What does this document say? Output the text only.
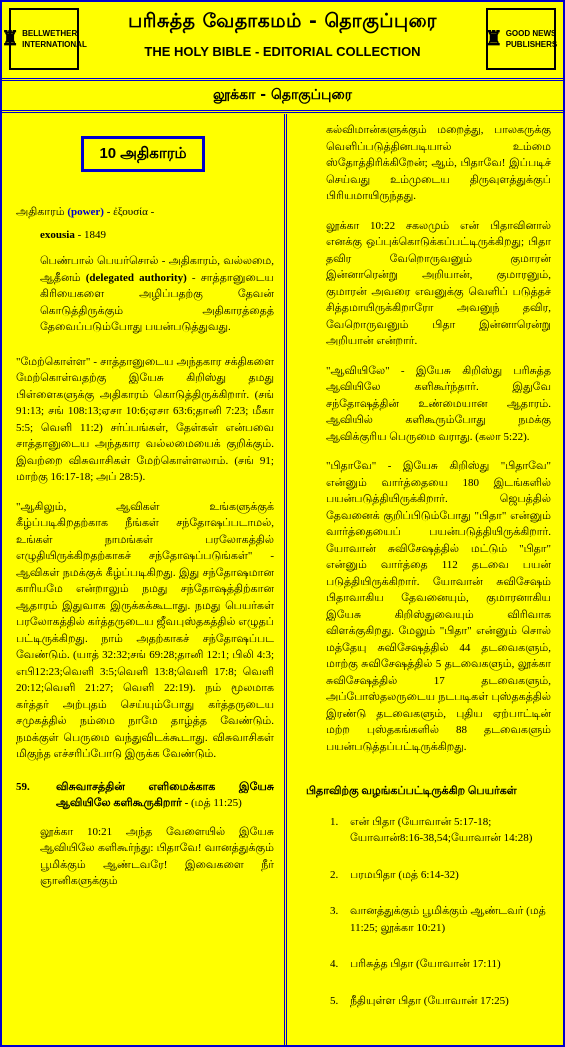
♜ BELLWETHER
INTERNATIONAL
பரிசுத்த வேதாகமம் - தொகுப்புரை
THE HOLY BIBLE - EDITORIAL COLLECTION
♜ GOOD NEWS
PUBLISHERS
லூக்கா - தொகுப்புரை
10 அதிகாரம்

அதிகாரம் (power) - ἐξουσία -

exousia - 1849

பெண்பால் பெயர்சொல் - அதிகாரம், வல்லமை, ஆதீனம் (delegated authority) - சாத்தானுடைய கிரியைகளை அழிப்பதற்கு தேவன் கொடுத்திருக்கும் அதிகாரத்தைத் தேவைப்படும்போது பயன்படுத்துவது.

"மேற்கொள்ள" - சாத்தானுடைய அந்தகார சக்திகளை மேற்கொள்வதற்கு இயேசு கிறிஸ்து தமது பிள்ளைகளுக்கு அதிகாரம் கொடுத்திருக்கிறார். (சங் 91:13; சங் 108:13;ஏசா 10:6;ஏசா 63:6;தானி 7:23; மீகா 5:5; வெளி 11:2) சர்ப்பங்கள், தேள்கள் என்பவை சாத்தானுடைய அந்தகார வல்லமையைக் குறிக்கும். இவற்றை விசுவாசிகள் மேற்கொள்ளலாம். (சங் 91; மாற்கு 16:17-18; அப் 28:5).

"ஆகிலும், ஆவிகள் உங்களுக்குக் கீழ்ப்படிகிறதற்காக நீங்கள் சந்தோஷப்படாமல், உங்கள் நாமங்கள் பரலோகத்தில் எழுதியிருக்கிறதற்காகச் சந்தோஷப்படுங்கள்" - ஆவிகள் நமக்குக் கீழ்ப்படிகிறது. இது சந்தோஷமான காரியமே என்றாலும் நமது சந்தோஷத்திற்கான ஆதாரம் இதுவாக இருக்கக்கூடாது. நமது பெயர்கள் பரலோகத்தில் கர்த்தருடைய ஜீவபுஸ்தகத்தில் எழுதப் பட்டிருக்கிறது. நாம் அதற்காகச் சந்தோஷப்பட வேண்டும். (யாத் 32:32;சங் 69:28;தானி 12:1; பிலி 4:3; எபி12:23;வெளி 3:5;வெளி 13:8;வெளி 17:8; வெளி 20:12;வெளி 21:27; வெளி 22:19). நம் மூலமாக கர்த்தர் அற்புதம் செய்யும்போது கர்த்தருடைய சமுகத்தில் நம்மை நாமே தாழ்த்த வேண்டும். நமக்குள் பெருமை வந்துவிடக்கூடாது. விசுவாசிகள் மிகுந்த எச்சரிப்போடு இருக்க வேண்டும்.

59.	விசுவாசத்தின் எளிமைக்காக இயேசு ஆவியிலே களிகூருகிறார் - (மத் 11:25)

லூக்கா 10:21 அந்த வேளையில் இயேசு ஆவியிலே களிகூர்ந்து: பிதாவே! வானத்துக்கும் பூமிக்கும் ஆண்டவரே! இவைகளை நீர் ஞானிகளுக்கும்

கல்விமான்களுக்கும் மறைத்து, பாலகருக்கு வெளிப்படுத்தினபடியால் உம்மை ஸ்தோத்திரிக்கிறேன்; ஆம், பிதாவே! இப்படிச் செய்வது உம்முடைய திருவுளத்துக்குப் பிரியமாயிருந்தது.

லூக்கா 10:22 சகலமும் என் பிதாவினால் எனக்கு ஒப்புக்கொடுக்கப்பட்டிருக்கிறது; பிதா தவிர வேறொருவனும் குமாரன் இன்னாரென்று அறியான், குமாரனும், குமாரன் அவரை எவனுக்கு வெளிப் படுத்தச் சித்தமாயிருக்கிறாரோ அவனுந் தவிர, வேறொருவனும் பிதா இன்னாரென்று அறியான் என்றார்.

"ஆவியிலே" - இயேசு கிறிஸ்து பரிசுத்த ஆவியிலே களிகூர்ந்தார். இதுவே சந்தோஷத்தின் உண்மையான ஆதாரம். ஆவியில் களிகூரும்போது நமக்கு ஆவிக்குரிய பெருமை வராது. (கலா 5:22).

"பிதாவே" - இயேசு கிறிஸ்து "பிதாவே" என்னும் வார்த்தையை 180 இடங்களில் பயன்படுத்தியிருக்கிறார். ஜெபத்தில் தேவனைக் குறிப்பிடும்போது "பிதா" என்னும் வார்த்தையைப் பயன்படுத்தியிருக்கிறார். யோவான் சுவிசேஷத்தில் மட்டும் "பிதா" என்னும் வார்த்தை 112 தடவை பயன் படுத்தியிருக்கிறார். யோவான் சுவிசேஷம் பிதாவாகிய தேவனையும், குமாரனாகிய இயேசு கிறிஸ்துவையும் விரிவாக விளக்குகிறது. மேலும் "பிதா" என்னும் சொல் மத்தேயு சுவிசேஷத்தில் 44 தடவைகளும், மாற்கு சுவிசேஷத்தில் 5 தடவைகளும், லூக்கா சுவிசேஷத்தில் 17 தடவைகளும், அப்போஸ்தலருடைய நடபடிகள் புஸ்தகத்தில் இரண்டு தடவைகளும், புதிய ஏற்பாட்டின் மற்ற புஸ்தகங்களில் 88 தடவைகளும் பயன்படுத்தப்பட்டிருக்கிறது.

பிதாவிற்கு வழங்கப்பட்டிருக்கிற பெயர்கள்
1.	என் பிதா (யோவான் 5:17-18; யோவான்8:16-38,54;யோவான் 14:28)
2.	பரமபிதா (மத் 6:14-32)
3.	வானத்துக்கும் பூமிக்கும் ஆண்டவர் (மத் 11:25; லூக்கா 10:21)
4.	பரிசுத்த பிதா (யோவான் 17:11)
5.	நீதியுள்ள பிதா (யோவான் 17:25)
